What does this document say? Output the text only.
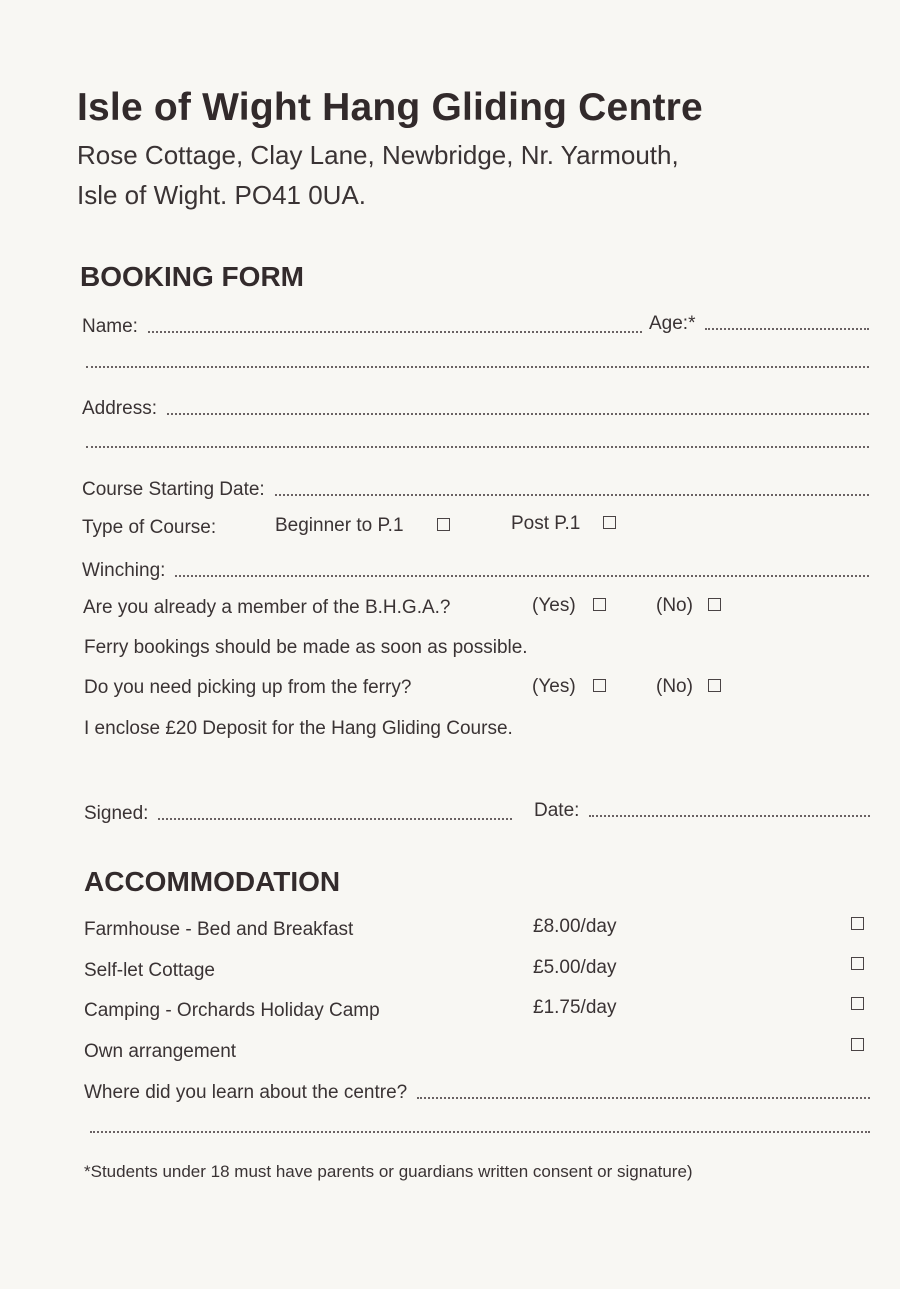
Isle of Wight Hang Gliding Centre
Rose Cottage, Clay Lane, Newbridge, Nr. Yarmouth,
Isle of Wight. PO41 0UA.
BOOKING FORM
Name:	Age:*
Address:
Course Starting Date:
Type of Course:	Beginner to P.1	Post P.1
Winching:
Are you already a member of the B.H.G.A.?	(Yes)	(No)
Ferry bookings should be made as soon as possible.
Do you need picking up from the ferry?	(Yes)	(No)
I enclose £20 Deposit for the Hang Gliding Course.
Signed:	Date:
ACCOMMODATION
Farmhouse - Bed and Breakfast	£8.00/day
Self-let Cottage	£5.00/day
Camping - Orchards Holiday Camp	£1.75/day
Own arrangement
Where did you learn about the centre?
*Students under 18 must have parents or guardians written consent or signature)
